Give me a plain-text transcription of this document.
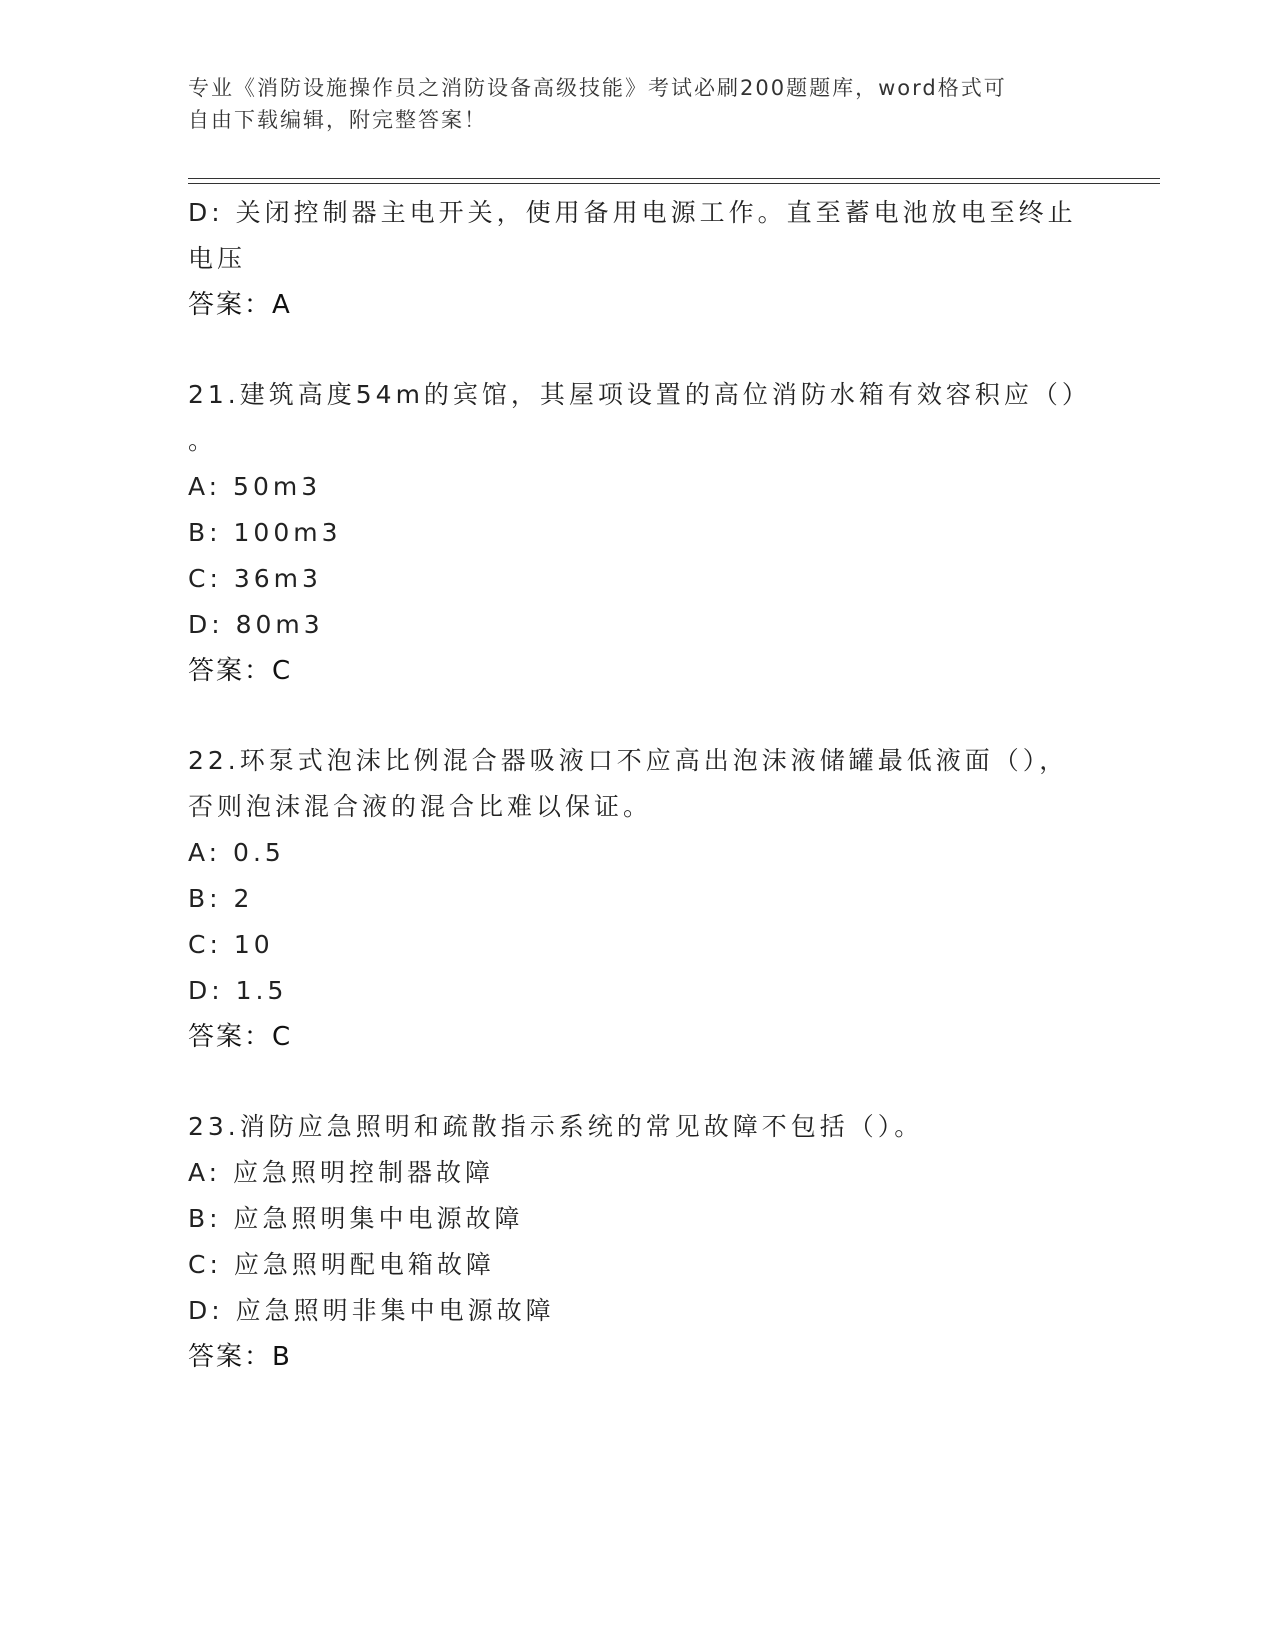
专业《消防设施操作员之消防设备高级技能》考试必刷200题题库，word格式可
自由下载编辑，附完整答案！
D: 关闭控制器主电开关，使用备用电源工作。直至蓄电池放电至终止
电压
答案：A
21.建筑高度54m的宾馆，其屋项设置的高位消防水箱有效容积应（）
。
A: 50m3
B: 100m3
C: 36m3
D: 80m3
答案：C
22.环泵式泡沫比例混合器吸液口不应高出泡沫液储罐最低液面（），
否则泡沫混合液的混合比难以保证。
A: 0.5
B: 2
C: 10
D: 1.5
答案：C
23.消防应急照明和疏散指示系统的常见故障不包括（）。
A: 应急照明控制器故障
B: 应急照明集中电源故障
C: 应急照明配电箱故障
D: 应急照明非集中电源故障
答案：B
